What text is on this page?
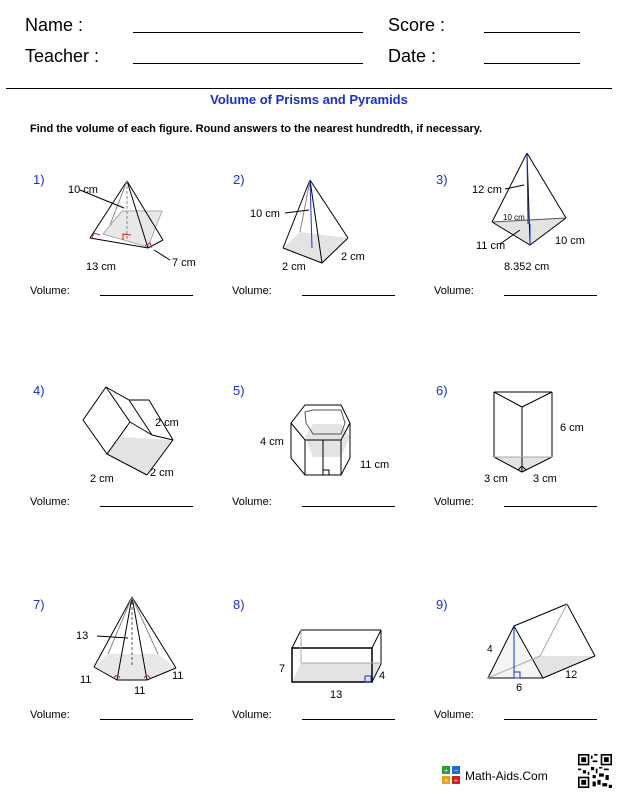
Name :	Score :
Teacher :	Date :
Volume of Prisms and Pyramids
Find the volume of each figure. Round answers to the nearest hundredth, if necessary.
1)	2)	3)
4)	5)	6)
7)	8)	9)
Volume:	Volume:	Volume:
Volume:	Volume:	Volume:
Volume:	Volume:	Volume:
10 cm
13 cm	7 cm
10 cm
2 cm
2 cm
12 cm
10 cm
11 cm	10 cm
8.352 cm
2 cm
2 cm	2 cm
4 cm
11 cm
6 cm
3 cm 3 cm
13
11
11
11
7
4
13
4
6
12
+ −
× ÷ Math-Aids.Com
